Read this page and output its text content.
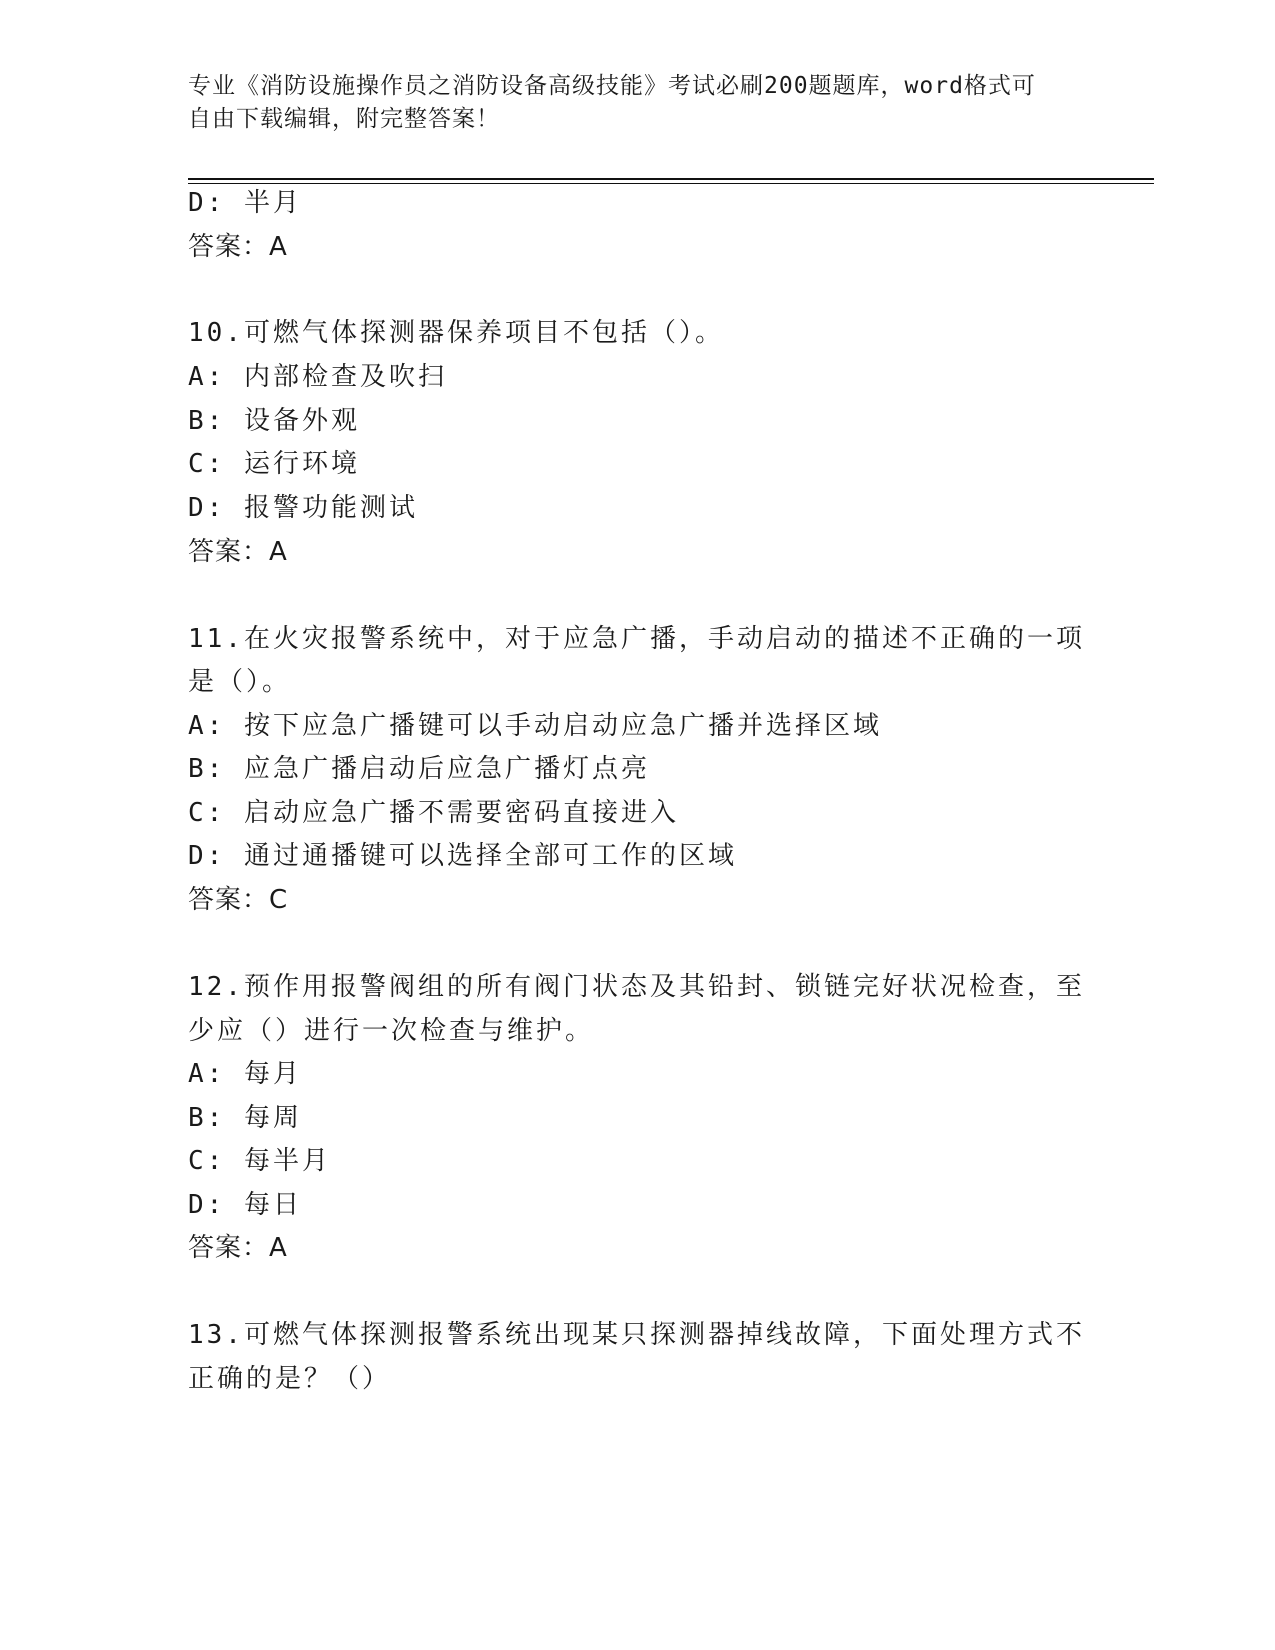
专业《消防设施操作员之消防设备高级技能》考试必刷200题题库，word格式可
自由下载编辑，附完整答案！
D: 半月
答案：A
10.可燃气体探测器保养项目不包括（）。
A: 内部检查及吹扫
B: 设备外观
C: 运行环境
D: 报警功能测试
答案：A
11.在火灾报警系统中，对于应急广播，手动启动的描述不正确的一项
是（）。
A: 按下应急广播键可以手动启动应急广播并选择区域
B: 应急广播启动后应急广播灯点亮
C: 启动应急广播不需要密码直接进入
D: 通过通播键可以选择全部可工作的区域
答案：C
12.预作用报警阀组的所有阀门状态及其铅封、锁链完好状况检查，至
少应（）进行一次检查与维护。
A: 每月
B: 每周
C: 每半月
D: 每日
答案：A
13.可燃气体探测报警系统出现某只探测器掉线故障，下面处理方式不
正确的是？（）
